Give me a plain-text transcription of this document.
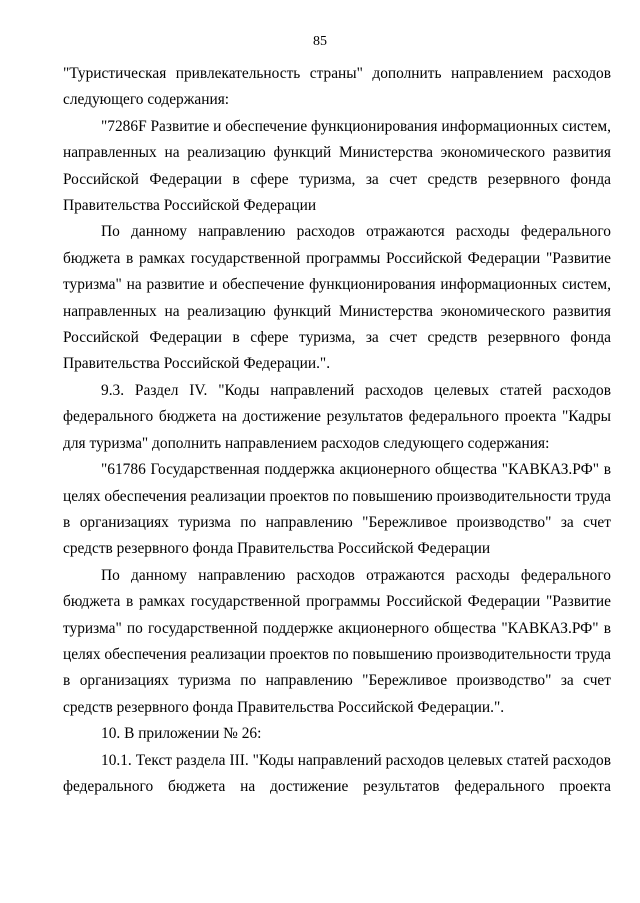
85

"Туристическая привлекательность страны" дополнить направлением расходов следующего содержания:

"7286F Развитие и обеспечение функционирования информационных систем, направленных на реализацию функций Министерства экономического развития Российской Федерации в сфере туризма, за счет средств резервного фонда Правительства Российской Федерации

По данному направлению расходов отражаются расходы федерального бюджета в рамках государственной программы Российской Федерации "Развитие туризма" на развитие и обеспечение функционирования информационных систем, направленных на реализацию функций Министерства экономического развития Российской Федерации в сфере туризма, за счет средств резервного фонда Правительства Российской Федерации.".

9.3. Раздел IV. "Коды направлений расходов целевых статей расходов федерального бюджета на достижение результатов федерального проекта "Кадры для туризма" дополнить направлением расходов следующего содержания:

"61786 Государственная поддержка акционерного общества "КАВКАЗ.РФ" в целях обеспечения реализации проектов по повышению производительности труда в организациях туризма по направлению "Бережливое производство" за счет средств резервного фонда Правительства Российской Федерации

По данному направлению расходов отражаются расходы федерального бюджета в рамках государственной программы Российской Федерации "Развитие туризма" по государственной поддержке акционерного общества "КАВКАЗ.РФ" в целях обеспечения реализации проектов по повышению производительности труда в организациях туризма по направлению "Бережливое производство" за счет средств резервного фонда Правительства Российской Федерации.".

10. В приложении № 26:

10.1. Текст раздела III. "Коды направлений расходов целевых статей расходов федерального бюджета на достижение результатов федерального проекта
